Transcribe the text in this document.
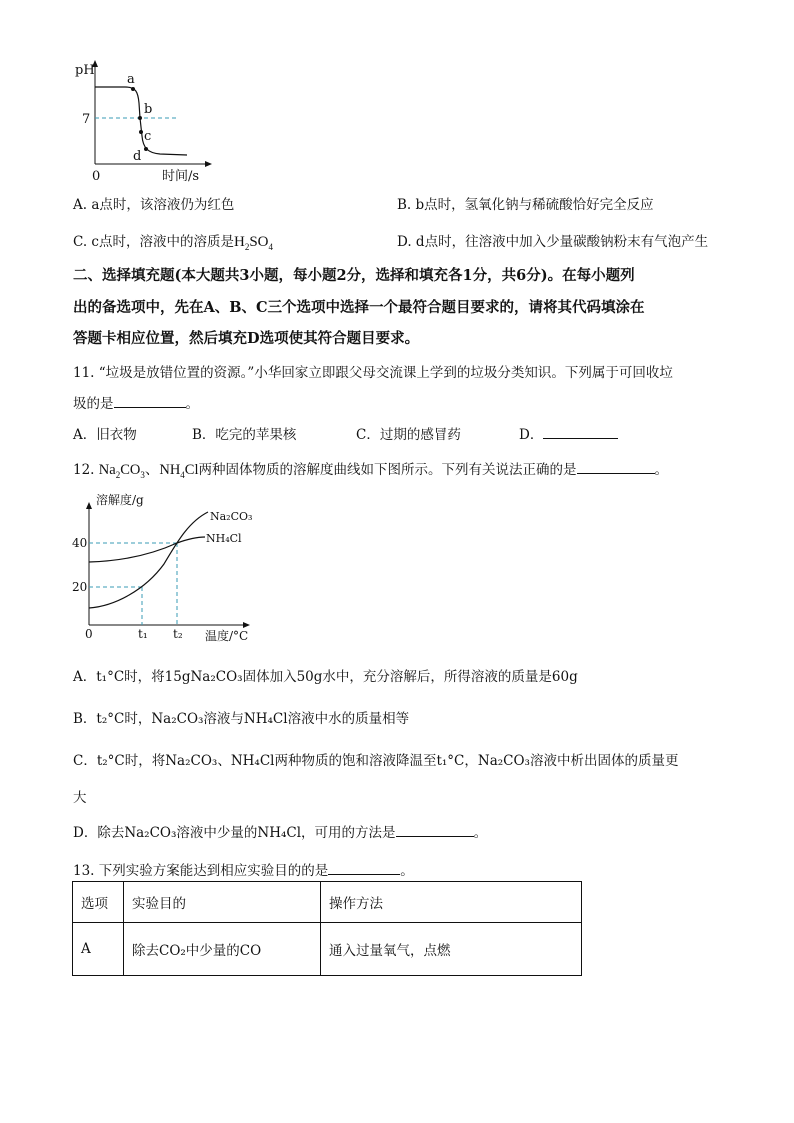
pH
7
0	时间/s
a
b
c
d
A. a点时，该溶液仍为红色	B. b点时，氢氧化钠与稀硫酸恰好完全反应
C. c点时，溶液中的溶质是$H_2SO_4$	D. d点时，往溶液中加入少量碳酸钠粉末有气泡产生
二、选择填充题(本大题共3小题，每小题2分，选择和填充各1分，共6分)。在每小题列
出的备选项中，先在A、B、C三个选项中选择一个最符合题目要求的，请将其代码填涂在
答题卡相应位置，然后填充D选项使其符合题目要求。
11. “垃圾是放错位置的资源。”小华回家立即跟父母交流课上学到的垃圾分类知识。下列属于可回收垃
圾的是	。
A．旧衣物	B．吃完的苹果核	C．过期的感冒药	D．
12. $Na_2CO_3$、$NH_4Cl$两种固体物质的溶解度曲线如下图所示。下列有关说法正确的是	。
溶解度/g
40
20
0	t₁ t₂ 温度/°C
Na₂CO₃
NH₄Cl
A．t₁°C时，将15gNa₂CO₃固体加入50g水中，充分溶解后，所得溶液的质量是60g
B．t₂°C时，Na₂CO₃溶液与NH₄Cl溶液中水的质量相等
C．t₂°C时，将Na₂CO₃、NH₄Cl两种物质的饱和溶液降温至t₁°C，Na₂CO₃溶液中析出固体的质量更
大
D．除去Na₂CO₃溶液中少量的NH₄Cl，可用的方法是	。
13. 下列实验方案能达到相应实验目的的是	。
选项	实验目的	操作方法
A	除去CO₂中少量的CO	通入过量氧气，点燃
